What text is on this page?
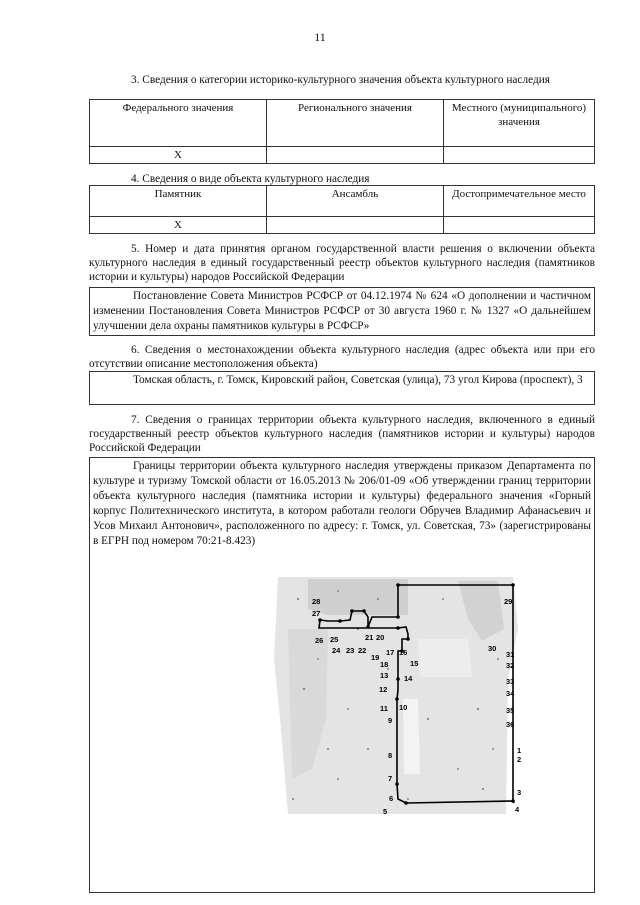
11
3. Сведения о категории историко-культурного значения объекта культурного наследия
Федерального значения	Регионального значения	Местного (муниципального) значения
X		
4. Сведения о виде объекта культурного наследия
Памятник	Ансамбль	Достопримечательное место
X		
5. Номер и дата принятия органом государственной власти решения о включении объекта культурного наследия в единый государственный реестр объектов культурного наследия (памятников истории и культуры) народов Российской Федерации
Постановление Совета Министров РСФСР от 04.12.1974 № 624 «О дополнении и частичном изменении Постановления Совета Министров РСФСР от 30 августа 1960 г. № 1327 «О дальнейшем улучшении дела охраны памятников культуры в РСФСР»
6. Сведения о местонахождении объекта культурного наследия (адрес объекта или при его отсутствии описание местоположения объекта)
Томская область, г. Томск, Кировский район, Советская (улица), 73 угол Кирова (проспект), 3
7. Сведения о границах территории объекта культурного наследия, включенного в единый государственный реестр объектов культурного наследия (памятников истории и культуры) народов Российской Федерации
Границы территории объекта культурного наследия утверждены приказом Департамента по культуре и туризму Томской области от 16.05.2013 № 206/01-09 «Об утверждении границ территории объекта культурного наследия (памятника истории и культуры) федерального значения «Горный корпус Политехнического института, в котором работали геологи Обручев Владимир Афанасьевич и Усов Михаил Антонович», расположенного по адресу: г. Томск, ул. Советская, 73» (зарегистрированы в ЕГРН под номером 70:21-8.423)
1
2
3
4
5
6
7
8
9
10
11
12
13 14
15
16
17
18
19
20
21
22
23
24
25
26
27
28	29
30
31
32
33
34
35
36
